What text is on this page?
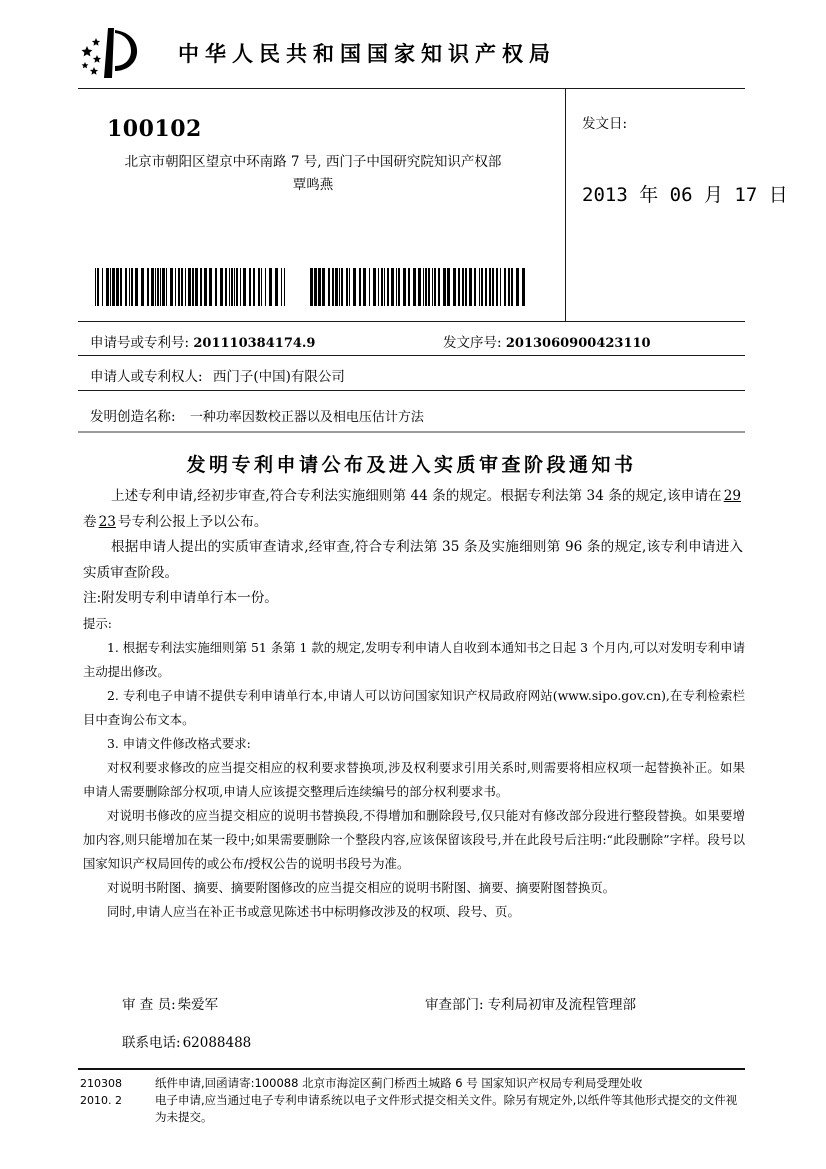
中华人民共和国国家知识产权局
100102
北京市朝阳区望京中环南路 7 号, 西门子中国研究院知识产权部
覃鸣燕
发文日:
2013 年 06 月 17 日
申请号或专利号: 201110384174.9	发文序号: 2013060900423110
申请人或专利权人: 西门子(中国)有限公司
发明创造名称: 一种功率因数校正器以及相电压估计方法
发明专利申请公布及进入实质审查阶段通知书

上述专利申请,经初步审查,符合专利法实施细则第 44 条的规定。根据专利法第 34 条的规定,该申请在 29卷 23 号专利公报上予以公布。

根据申请人提出的实质审查请求,经审查,符合专利法第 35 条及实施细则第 96 条的规定,该专利申请进入实质审查阶段。

注:附发明专利申请单行本一份。

提示:

1. 根据专利法实施细则第 51 条第 1 款的规定,发明专利申请人自收到本通知书之日起 3 个月内,可以对发明专利申请主动提出修改。

2. 专利电子申请不提供专利申请单行本,申请人可以访问国家知识产权局政府网站(www.sipo.gov.cn),在专利检索栏目中查询公布文本。

3. 申请文件修改格式要求:

对权利要求修改的应当提交相应的权利要求替换项,涉及权利要求引用关系时,则需要将相应权项一起替换补正。如果申请人需要删除部分权项,申请人应该提交整理后连续编号的部分权利要求书。

对说明书修改的应当提交相应的说明书替换段,不得增加和删除段号,仅只能对有修改部分段进行整段替换。如果要增加内容,则只能增加在某一段中;如果需要删除一个整段内容,应该保留该段号,并在此段号后注明:“此段删除”字样。段号以国家知识产权局回传的或公布/授权公告的说明书段号为准。

对说明书附图、摘要、摘要附图修改的应当提交相应的说明书附图、摘要、摘要附图替换页。

同时,申请人应当在补正书或意见陈述书中标明修改涉及的权项、段号、页。

审 查 员: 柴爱军	审查部门: 专利局初审及流程管理部
联系电话: 62088488
210308
2010. 2

纸件申请,回函请寄:100088 北京市海淀区蓟门桥西土城路 6 号 国家知识产权局专利局受理处收

电子申请,应当通过电子专利申请系统以电子文件形式提交相关文件。除另有规定外,以纸件等其他形式提交的文件视为未提交。
